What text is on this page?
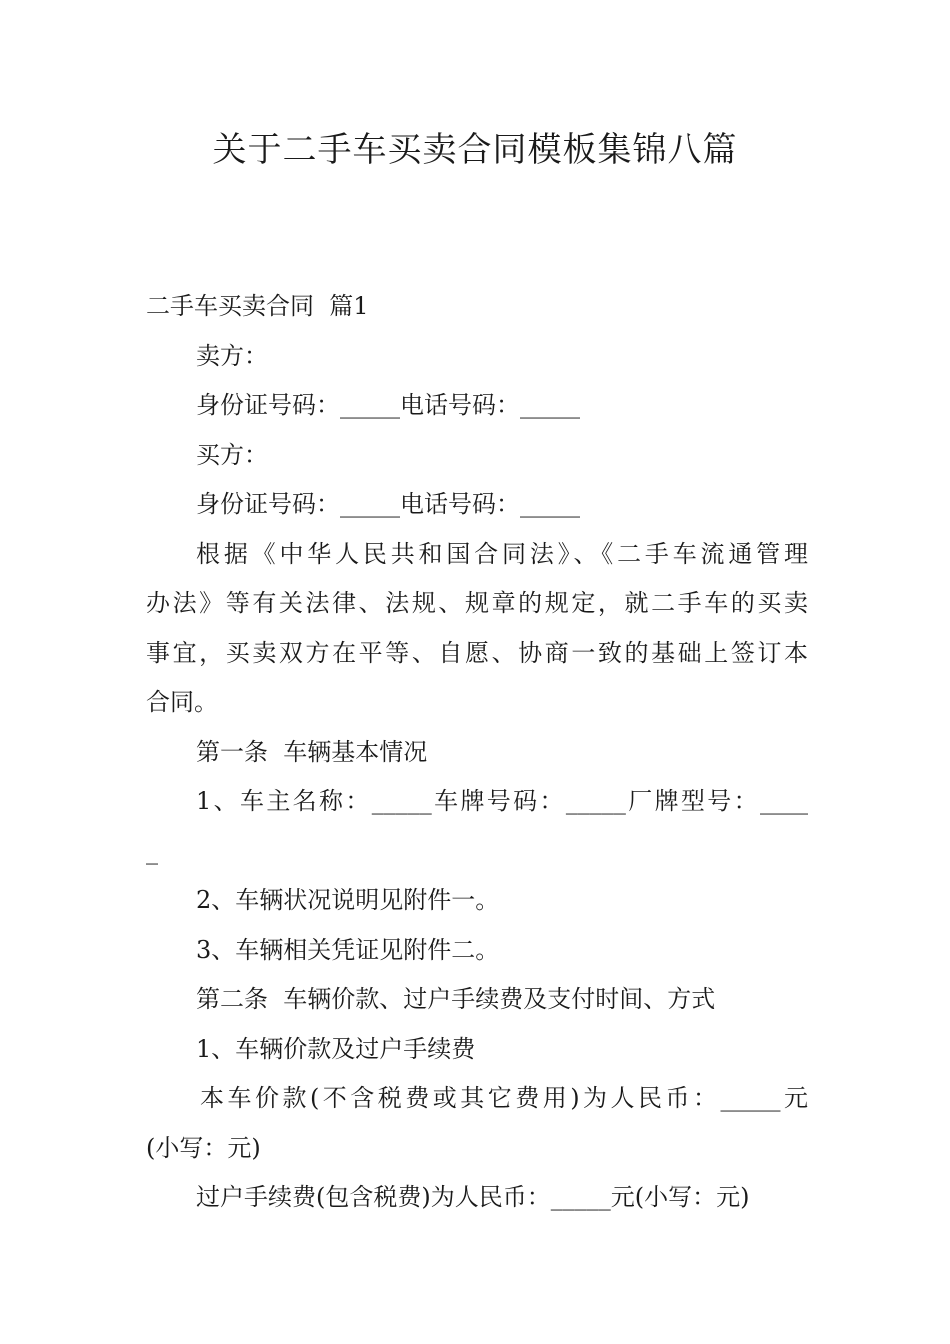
关于二手车买卖合同模板集锦八篇

二手车买卖合同  篇1

卖方：

身份证号码：_____电话号码：_____

买方：

身份证号码：_____电话号码：_____

根据《中华人民共和国合同法》、《二手车流通管理

办法》等有关法律、法规、规章的规定，就二手车的买卖

事宜，买卖双方在平等、自愿、协商一致的基础上签订本

合同。

第一条  车辆基本情况

1、车主名称：_____车牌号码：_____厂牌型号：____

_

2、车辆状况说明见附件一。

3、车辆相关凭证见附件二。

第二条  车辆价款、过户手续费及支付时间、方式

1、车辆价款及过户手续费

本车价款(不含税费或其它费用)为人民币：_____元

(小写：元)

过户手续费(包含税费)为人民币：_____元(小写：元)
